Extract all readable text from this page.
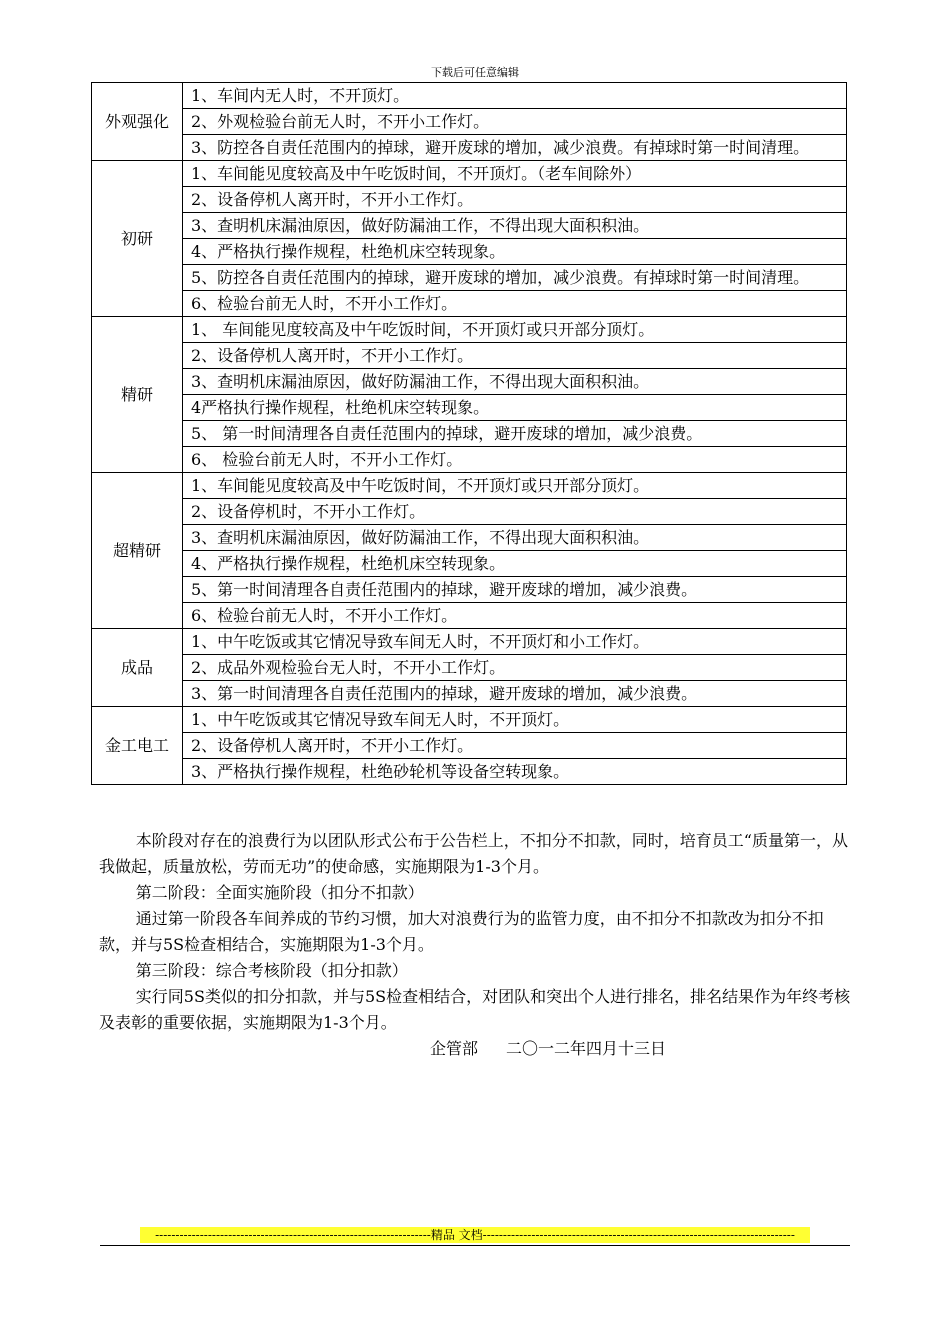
下载后可任意编辑
外观强化	1、车间内无人时，不开顶灯。
	2、外观检验台前无人时，不开小工作灯。
	3、防控各自责任范围内的掉球，避开废球的增加，减少浪费。有掉球时第一时间清理。
初研	1、车间能见度较高及中午吃饭时间，不开顶灯。（老车间除外）
	2、设备停机人离开时，不开小工作灯。
	3、查明机床漏油原因，做好防漏油工作，不得出现大面积积油。
	4、严格执行操作规程，杜绝机床空转现象。
	5、防控各自责任范围内的掉球，避开废球的增加，减少浪费。有掉球时第一时间清理。
	6、检验台前无人时，不开小工作灯。
精研	1、 车间能见度较高及中午吃饭时间，不开顶灯或只开部分顶灯。
	2、设备停机人离开时，不开小工作灯。
	3、查明机床漏油原因，做好防漏油工作，不得出现大面积积油。
	4严格执行操作规程，杜绝机床空转现象。
	5、 第一时间清理各自责任范围内的掉球，避开废球的增加，减少浪费。
	6、 检验台前无人时，不开小工作灯。
超精研	1、车间能见度较高及中午吃饭时间，不开顶灯或只开部分顶灯。
	2、设备停机时，不开小工作灯。
	3、查明机床漏油原因，做好防漏油工作，不得出现大面积积油。
	4、严格执行操作规程，杜绝机床空转现象。
	5、第一时间清理各自责任范围内的掉球，避开废球的增加，减少浪费。
	6、检验台前无人时，不开小工作灯。
成品	1、中午吃饭或其它情况导致车间无人时，不开顶灯和小工作灯。
	2、成品外观检验台无人时，不开小工作灯。
	3、第一时间清理各自责任范围内的掉球，避开废球的增加，减少浪费。
金工电工	1、中午吃饭或其它情况导致车间无人时，不开顶灯。
	2、设备停机人离开时，不开小工作灯。
	3、严格执行操作规程，杜绝砂轮机等设备空转现象。

本阶段对存在的浪费行为以团队形式公布于公告栏上，不扣分不扣款，同时，培育员工“质量第一，从我做起，质量放松，劳而无功”的使命感，实施期限为1-3个月。

第二阶段：全面实施阶段（扣分不扣款）

通过第一阶段各车间养成的节约习惯，加大对浪费行为的监管力度，由不扣分不扣款改为扣分不扣款，并与5S检查相结合，实施期限为1-3个月。

第三阶段：综合考核阶段（扣分扣款）

实行同5S类似的扣分扣款，并与5S检查相结合，对团队和突出个人进行排名，排名结果作为年终考核及表彰的重要依据，实施期限为1-3个月。

企管部 二〇一二年四月十三日

--------------------------------------------------------------------精品 文档-----------------------------------------------------------------------------
